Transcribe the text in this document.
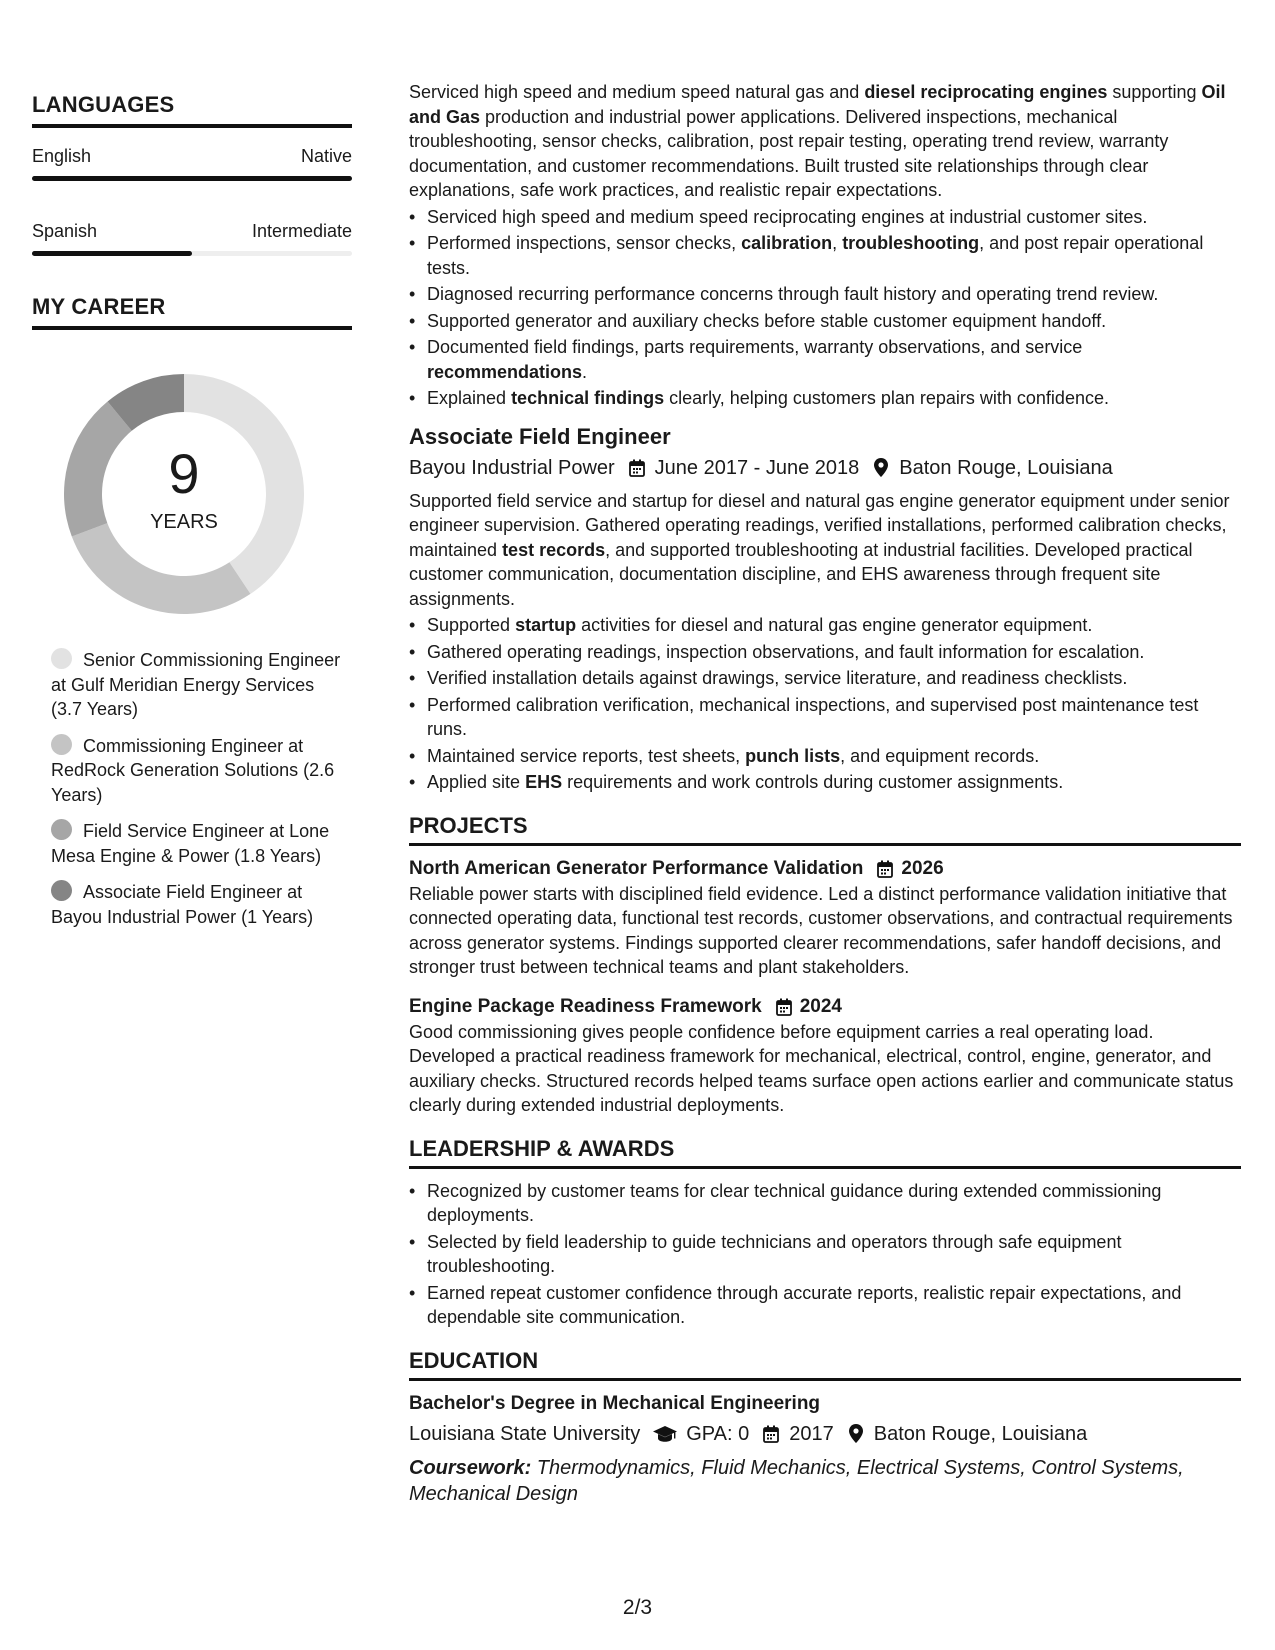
LANGUAGES
English	Native
Spanish	Intermediate
MY CAREER
9
YEARS
Senior Commissioning Engineer at Gulf Meridian Energy Services (3.7 Years)
Commissioning Engineer at RedRock Generation Solutions (2.6 Years)
Field Service Engineer at Lone Mesa Engine & Power (1.8 Years)
Associate Field Engineer at Bayou Industrial Power (1 Years)

Serviced high speed and medium speed natural gas and diesel reciprocating engines supporting Oil and Gas production and industrial power applications. Delivered inspections, mechanical troubleshooting, sensor checks, calibration, post repair testing, operating trend review, warranty documentation, and customer recommendations. Built trusted site relationships through clear explanations, safe work practices, and realistic repair expectations.

• Serviced high speed and medium speed reciprocating engines at industrial customer sites.
• Performed inspections, sensor checks, calibration, troubleshooting, and post repair operational tests.
• Diagnosed recurring performance concerns through fault history and operating trend review.
• Supported generator and auxiliary checks before stable customer equipment handoff.
• Documented field findings, parts requirements, warranty observations, and service recommendations.
• Explained technical findings clearly, helping customers plan repairs with confidence.
Associate Field Engineer
Bayou Industrial Power June 2017 - June 2018 Baton Rouge, Louisiana

Supported field service and startup for diesel and natural gas engine generator equipment under senior engineer supervision. Gathered operating readings, verified installations, performed calibration checks, maintained test records, and supported troubleshooting at industrial facilities. Developed practical customer communication, documentation discipline, and EHS awareness through frequent site assignments.

• Supported startup activities for diesel and natural gas engine generator equipment.
• Gathered operating readings, inspection observations, and fault information for escalation.
• Verified installation details against drawings, service literature, and readiness checklists.
• Performed calibration verification, mechanical inspections, and supervised post maintenance test runs.
• Maintained service reports, test sheets, punch lists, and equipment records.
• Applied site EHS requirements and work controls during customer assignments.
PROJECTS
North American Generator Performance Validation 2026

Reliable power starts with disciplined field evidence. Led a distinct performance validation initiative that connected operating data, functional test records, customer observations, and contractual requirements across generator systems. Findings supported clearer recommendations, safer handoff decisions, and stronger trust between technical teams and plant stakeholders.

Engine Package Readiness Framework 2024

Good commissioning gives people confidence before equipment carries a real operating load. Developed a practical readiness framework for mechanical, electrical, control, engine, generator, and auxiliary checks. Structured records helped teams surface open actions earlier and communicate status clearly during extended industrial deployments.

LEADERSHIP & AWARDS
• Recognized by customer teams for clear technical guidance during extended commissioning deployments.
• Selected by field leadership to guide technicians and operators through safe equipment troubleshooting.
• Earned repeat customer confidence through accurate reports, realistic repair expectations, and dependable site communication.
EDUCATION
Bachelor's Degree in Mechanical Engineering
Louisiana State University GPA: 0 2017 Baton Rouge, Louisiana
Coursework: Thermodynamics, Fluid Mechanics, Electrical Systems, Control Systems, Mechanical Design
2/3
